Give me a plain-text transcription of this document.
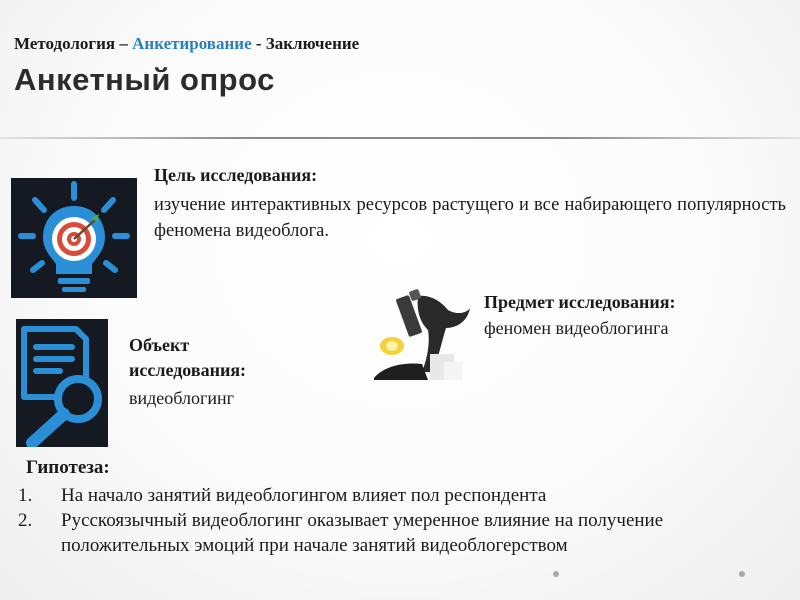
Методология – Анкетирование - Заключение
Анкетный опрос
Цель исследования:
изучение интерактивных ресурсов растущего и все набирающего популярность феномена видеоблога.
Предмет исследования:
феномен видеоблогинга
Объект
исследования:
видеоблогинг
Гипотеза:
1. На начало занятий видеоблогингом влияет пол респондента
2. Русскоязычный видеоблогинг оказывает умеренное влияние на получение положительных эмоций при начале занятий видеоблогерством
